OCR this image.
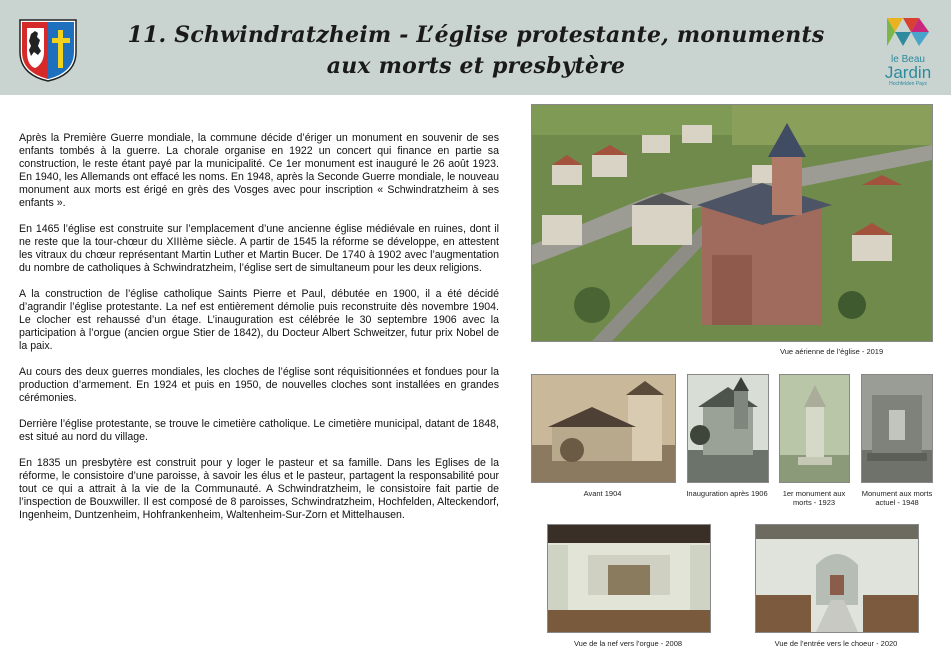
11. Schwindratzheim - L’église protestante, monuments
aux morts et presbytère	le Beau
Jardin
Hochfelden Pays

Après la Première Guerre mondiale, la commune décide d’ériger un monument en souvenir de ses enfants tombés à la guerre. La chorale organise en 1922 un concert qui finance en partie sa construction, le reste étant payé par la municipalité. Ce 1er monument est inauguré le 26 août 1923. En 1940, les Allemands ont effacé les noms. En 1948, après la Seconde Guerre mondiale, le nouveau monument aux morts est érigé en grès des Vosges avec pour inscription « Schwindratzheim à ses enfants ».

En 1465 l’église est construite sur l’emplacement d’une ancienne église médiévale en ruines, dont il ne reste que la tour-chœur du XIIIème siècle. A partir de 1545 la réforme se développe, en attestent les vitraux du chœur représentant Martin Luther et Martin Bucer. De 1740 à 1902 avec l’augmentation du nombre de catholiques à Schwindratzheim, l’église sert de simultaneum pour les deux religions.

A la construction de l’église catholique Saints Pierre et Paul, débutée en 1900, il a été décidé d’agrandir l’église protestante. La nef est entièrement démolie puis reconstruite dès novembre 1904. Le clocher est rehaussé d’un étage. L’inauguration est célébrée le 30 septembre 1906 avec la participation à l’orgue (ancien orgue Stier de 1842), du Docteur Albert Schweitzer, futur prix Nobel de la paix.

Au cours des deux guerres mondiales, les cloches de l’église sont réquisitionnées et fondues pour la production d’armement. En 1924 et puis en 1950, de nouvelles cloches sont installées en grandes cérémonies.

Derrière l’église protestante, se trouve le cimetière catholique. Le cimetière municipal, datant de 1848, est situé au nord du village.

En 1835 un presbytère est construit pour y loger le pasteur et sa famille. Dans les Eglises de la réforme, le consistoire d’une paroisse, à savoir les élus et le pasteur, partagent la responsabilité pour tout ce qui a attrait à la vie de la Communauté. A Schwindratzheim, le consistoire fait partie de l’inspection de Bouxwiller. Il est composé de 8 paroisses, Schwindratzheim, Hochfelden, Alteckendorf, Ingenheim, Duntzenheim, Hohfrankenheim, Waltenheim-Sur-Zorn et Mittelhausen.

Vue aérienne de l’église - 2019
Avant 1904	Inauguration après 1906	1er monument aux morts - 1923
Monument aux morts actuel - 1948
Vue de la nef vers l’orgue - 2008	Vue de l’entrée vers le choeur - 2020
